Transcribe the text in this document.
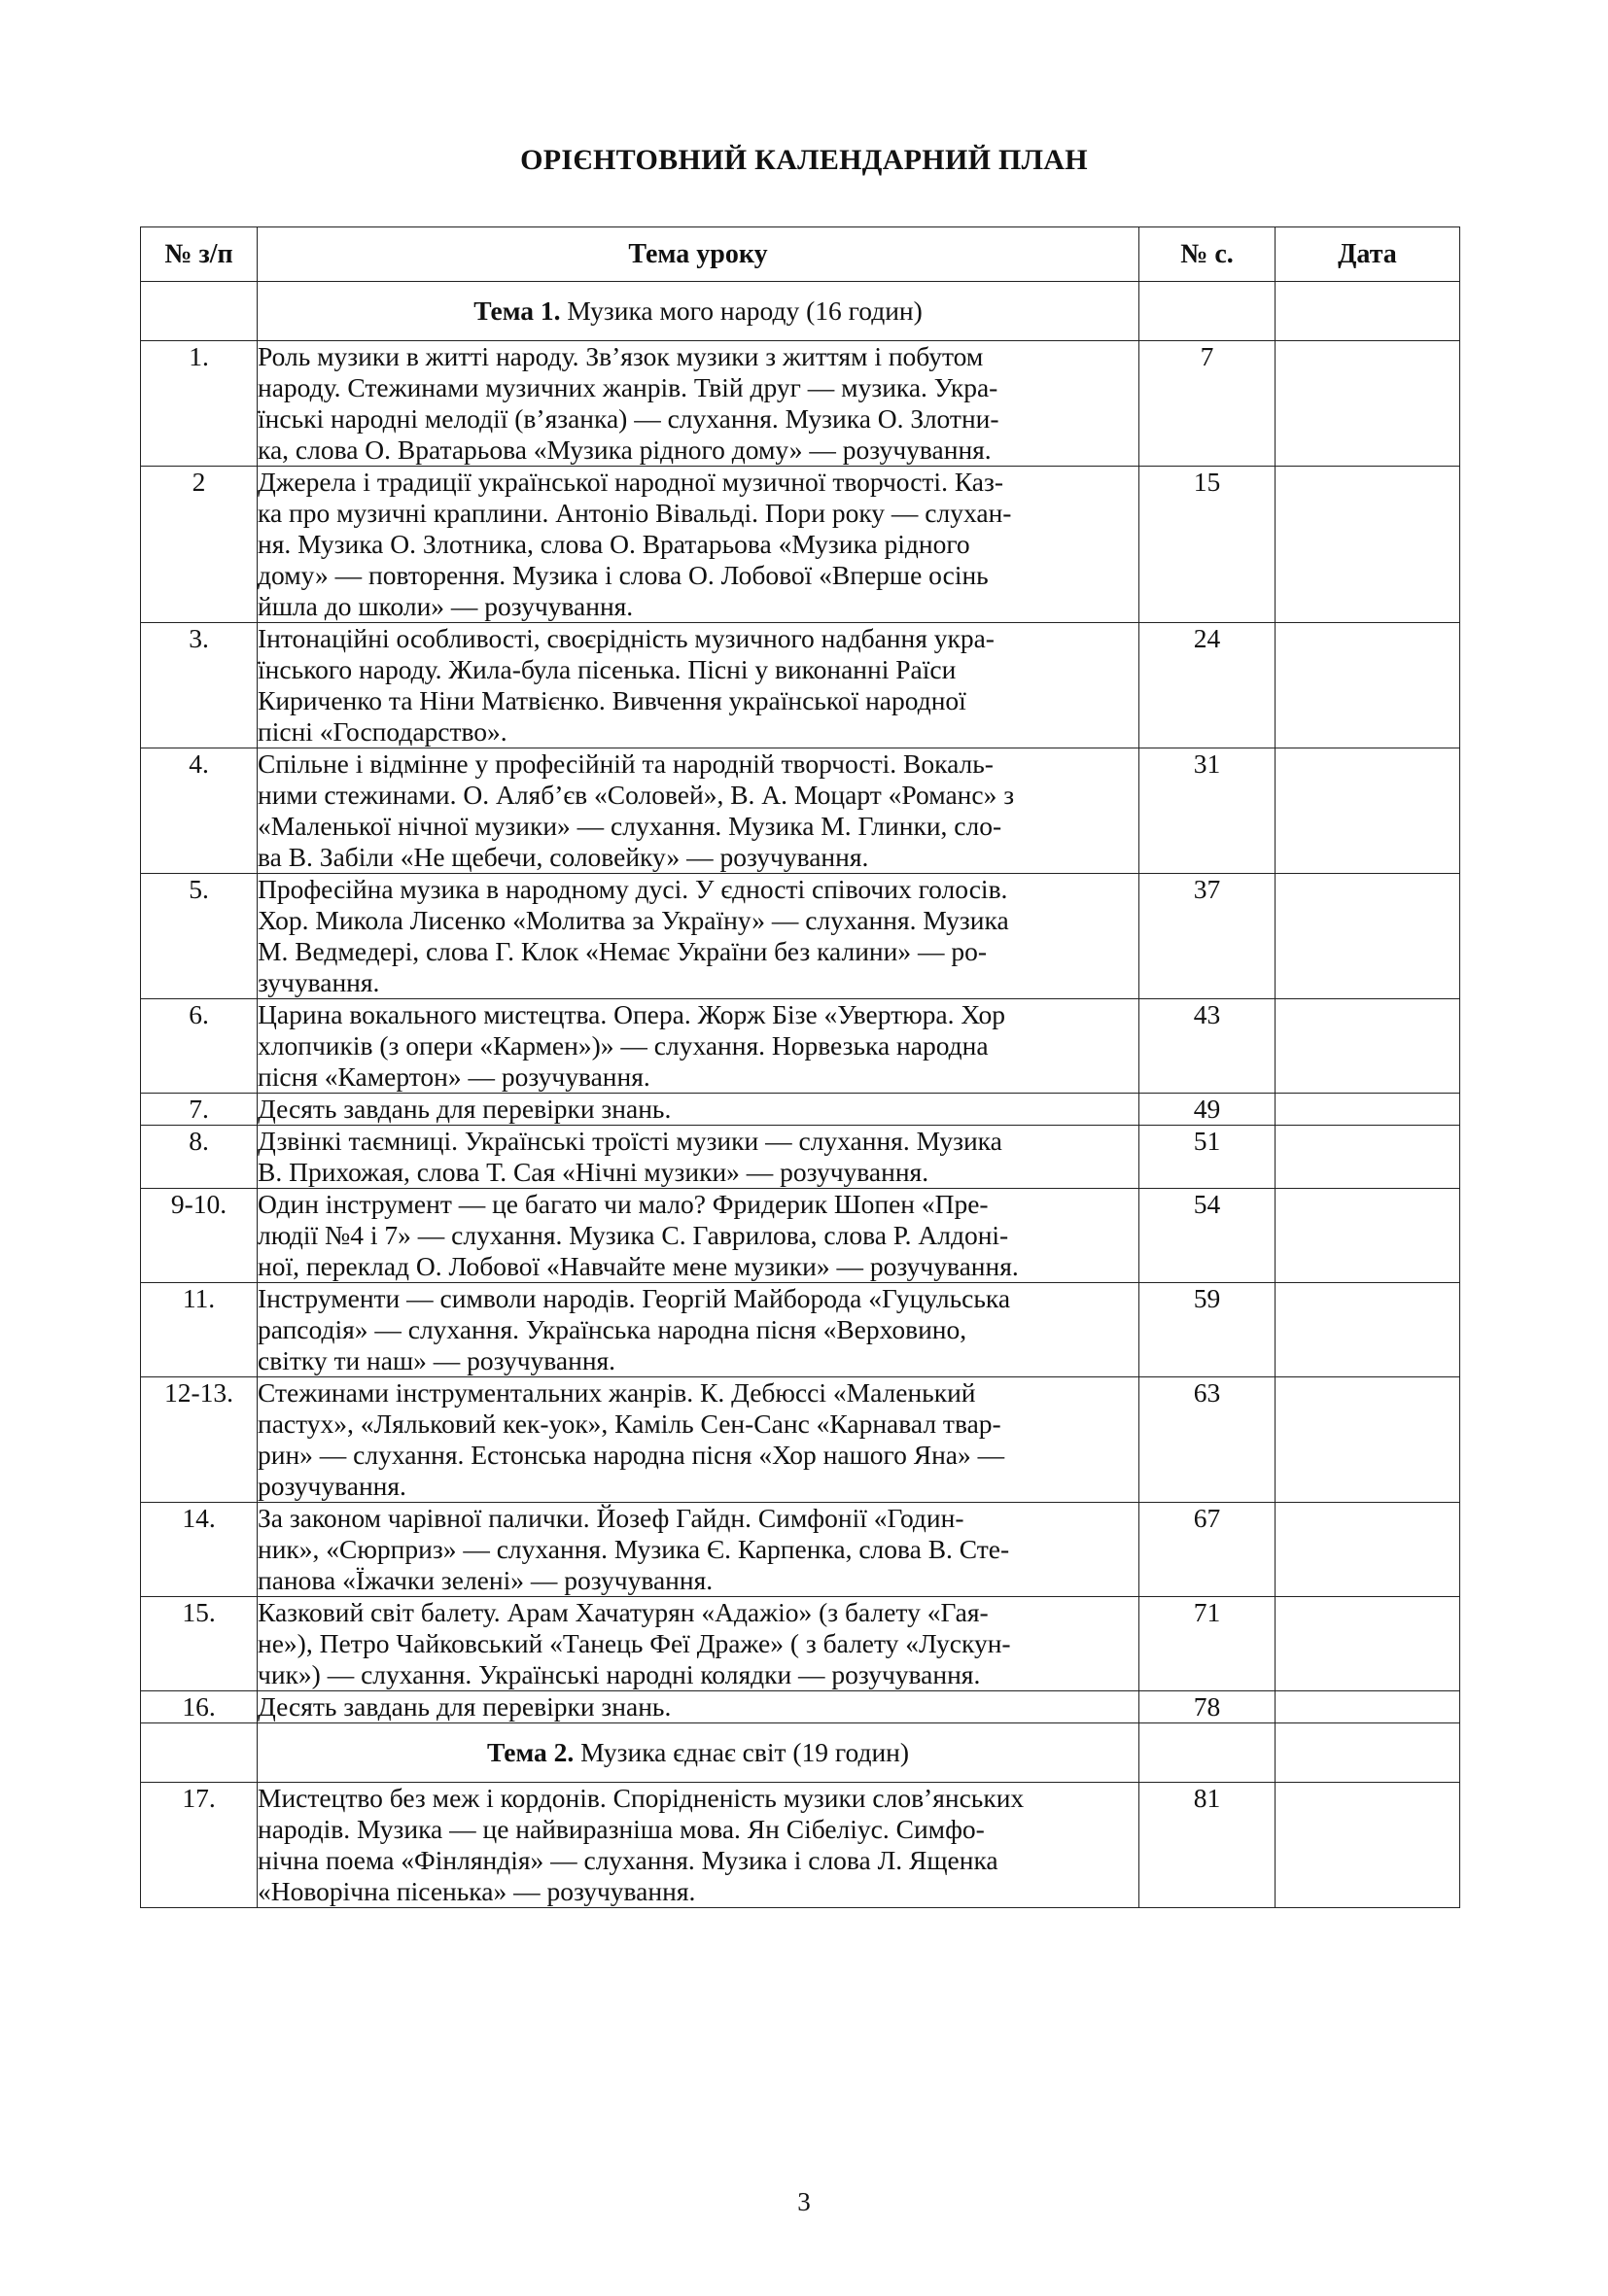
ОРІЄНТОВНИЙ КАЛЕНДАРНИЙ ПЛАН
№ з/п	Тема уроку	№ с.	Дата
	Тема 1. Музика мого народу (16 годин)		
1.	Роль музики в житті народу. Зв’язок музики з життям і побутом
народу. Стежинами музичних жанрів. Твій друг — музика. Укра-
їнські народні мелодії (в’язанка) — слухання. Музика О. Злотни-
ка, слова О. Вратарьова «Музика рідного дому» — розучування.	7	
2	Джерела і традиції української народної музичної творчості. Каз-
ка про музичні краплини. Антоніо Вівальді. Пори року — слухан-
ня. Музика О. Злотника, слова О. Вратарьова «Музика рідного
дому» — повторення. Музика і слова О. Лобової «Вперше осінь
йшла до школи» — розучування.	15	
3.	Інтонаційні особливості, своєрідність музичного надбання укра-
їнського народу. Жила-була пісенька. Пісні у виконанні Раїси
Кириченко та Ніни Матвієнко. Вивчення української народної
пісні «Господарство».	24	
4.	Спільне і відмінне у професійній та народній творчості. Вокаль-
ними стежинами. О. Аляб’єв «Соловей», В. А. Моцарт «Романс» з
«Маленької нічної музики» — слухання. Музика М. Глинки, сло-
ва В. Забіли «Не щебечи, соловейку» — розучування.	31	
5.	Професійна музика в народному дусі. У єдності співочих голосів.
Хор. Микола Лисенко «Молитва за Україну» — слухання. Музика
М. Ведмедері, слова Г. Клок «Немає України без калини» — ро-
зучування.	37	
6.	Царина вокального мистецтва. Опера. Жорж Бізе «Увертюра. Хор
хлопчиків (з опери «Кармен»)» — слухання. Норвезька народна
пісня «Камертон» — розучування.	43	
7.	Десять завдань для перевірки знань.	49	
8.	Дзвінкі таємниці. Українські троїсті музики — слухання. Музика
В. Прихожая, слова Т. Сая «Нічні музики» — розучування.	51	
9-10.	Один інструмент — це багато чи мало? Фридерик Шопен «Пре-
людії №4 і 7» — слухання. Музика С. Гаврилова, слова Р. Алдоні-
ної, переклад О. Лобової «Навчайте мене музики» — розучування.	54	
11.	Інструменти — символи народів. Георгій Майборода «Гуцульська
рапсодія» — слухання. Українська народна пісня «Верховино,
світку ти наш» — розучування.	59	
12-13.	Стежинами інструментальних жанрів. К. Дебюссі «Маленький
пастух», «Ляльковий кек-уок», Каміль Сен-Санс «Карнавал твар-
рин» — слухання. Естонська народна пісня «Хор нашого Яна» —
розучування.	63	
14.	За законом чарівної палички. Йозеф Гайдн. Симфонії «Годин-
ник», «Сюрприз» — слухання. Музика Є. Карпенка, слова В. Сте-
панова «Їжачки зелені» — розучування.	67	
15.	Казковий світ балету. Арам Хачатурян «Адажіо» (з балету «Гая-
не»), Петро Чайковський «Танець Феї Драже» ( з балету «Лускун-
чик») — слухання. Українські народні колядки — розучування.	71	
16.	Десять завдань для перевірки знань.	78	
	Тема 2. Музика єднає світ (19 годин)		
17.	Мистецтво без меж і кордонів. Спорідненість музики слов’янських
народів. Музика — це найвиразніша мова. Ян Сібеліус. Симфо-
нічна поема «Фінляндія» — слухання. Музика і слова Л. Ященка
«Новорічна пісенька» — розучування.	81	
3
